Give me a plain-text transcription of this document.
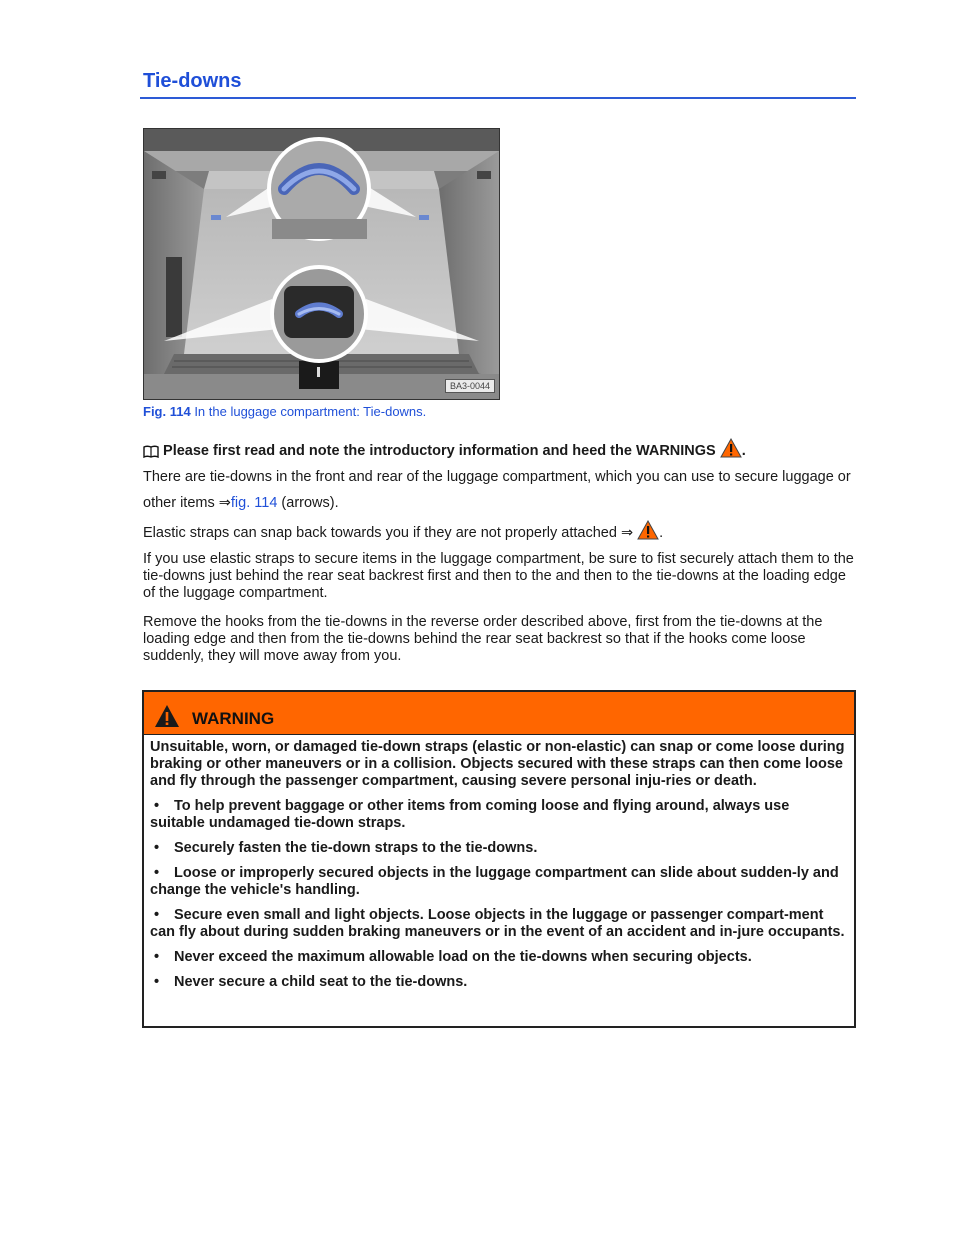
Tie-downs
BA3-0044
Fig. 114 In the luggage compartment: Tie-downs.
Please first read and note the introductory information and heed the WARNINGS .
There are tie-downs in the front and rear of the luggage compartment, which you can use to secure luggage or other items ⇒fig. 114 (arrows).
Elastic straps can snap back towards you if they are not properly attached ⇒ .
If you use elastic straps to secure items in the luggage compartment, be sure to fist securely attach them to the tie-downs just behind the rear seat backrest first and then to the and then to the tie-downs at the loading edge of the luggage compartment.
Remove the hooks from the tie-downs in the reverse order described above, first from the tie-downs at the loading edge and then from the tie-downs behind the rear seat backrest so that if the hooks come loose suddenly, they will move away from you.
WARNING

Unsuitable, worn, or damaged tie-down straps (elastic or non-elastic) can snap or come loose during braking or other maneuvers or in a collision. Objects secured with these straps can then come loose and fly through the passenger compartment, causing severe personal inju-ries or death.

• To help prevent baggage or other items from coming loose and flying around, always use suitable undamaged tie-down straps.

• Securely fasten the tie-down straps to the tie-downs.

• Loose or improperly secured objects in the luggage compartment can slide about sudden-ly and change the vehicle's handling.

• Secure even small and light objects. Loose objects in the luggage or passenger compart-ment can fly about during sudden braking maneuvers or in the event of an accident and in-jure occupants.

• Never exceed the maximum allowable load on the tie-downs when securing objects.

• Never secure a child seat to the tie-downs.
